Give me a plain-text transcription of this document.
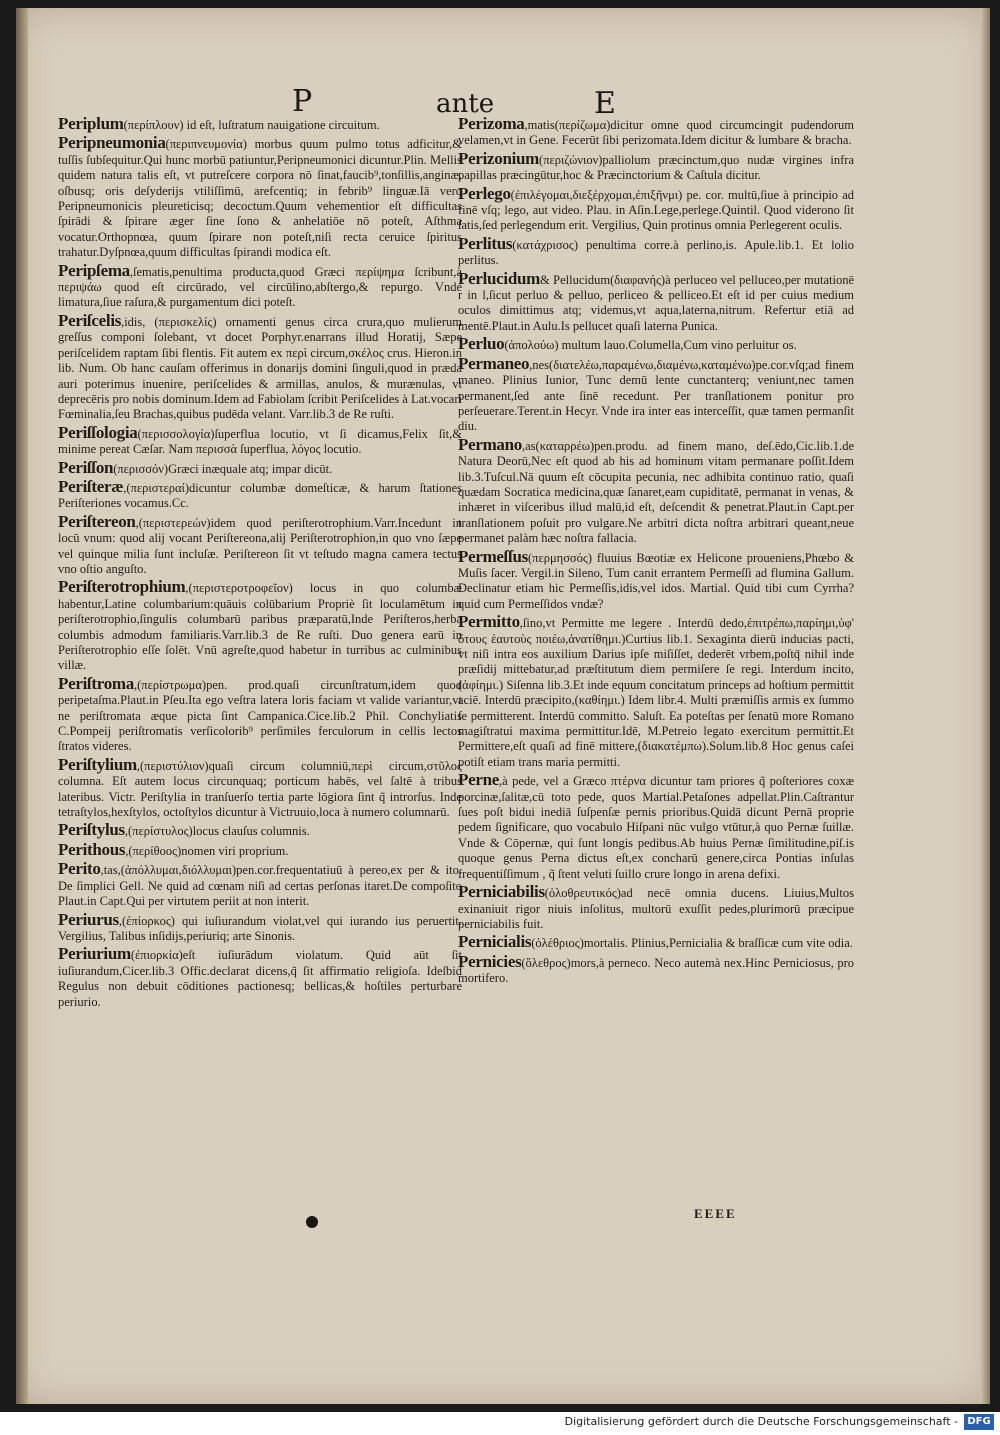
P	ante	E

Periplum(περίπλουν) id eſt, luſtratum nauigatione circuitum.

Peripneumonia(περιπνευμονία) morbus quum pulmo totus adficitur,& tuſſis ſubſequitur.Qui hunc morbū patiuntur,Peripneumonici dicuntur.Plin. Mellis quidem natura talis eſt, vt putreſcere corpora nō ſinat,faucib⁹,tonſillis,anginæ, oſbusq; oris deſyderijs vtiliſſimū, arefcentiq; in febrib⁹ linguæ.Iā vero Peripneumonicis pleureticisq; decoctum.Quum vehementior eſt difficultas ſpirādi & ſpirare æger ſine ſono & anhelatiōe nō poteſt, Aſthma vocatur.Orthopnœa, quum ſpirare non poteſt,niſi recta ceruice ſpiritus trahatur.Dyſpnœa,quum difficultas ſpirandi modica eſt.

Peripſema,ſematis,penultima producta,quod Græci περίψημα ſcribunt,à περιψάω quod eſt circūrado, vel circūlino,abſtergo,& repurgo. Vnde limatura,ſiue raſura,& purgamentum dici poteſt.

Periſcelis,idis, (περισκελίς) ornamenti genus circa crura,quo mulierum greſſus componi ſolebant, vt docet Porphyr.enarrans illud Horatij, Sæpe periſcelidem raptam ſibi flentis. Fit autem ex περὶ circum,σκέλος crus. Hieron.in lib. Num. Ob hanc cauſam offerimus in donarijs domini ſinguli,quod in præda auri poterimus inuenire, periſcelides & armillas, anulos, & murænulas, vt deprecēris pro nobis dominum.Idem ad Fabiolam ſcribit Periſcelides à Lat.vocari Fœminalia,ſeu Brachas,quibus pudēda velant. Varr.lib.3 de Re ruſti.

Periſſologia(περισσολογία)ſuperflua locutio, vt ſi dicamus,Felix ſit,& minime pereat Cæſar. Nam περισσὰ ſuperflua, λόγος locutio.

Periſſon(περισσόν)Græci inæquale atq; impar dicūt.

Periſteræ,(περιστεραί)dicuntur columbæ domeſticæ, & harum ſtationes Periſteriones vocamus.Cc.

Periſtereon,(περιστερεών)idem quod periſterotrophium.Varr.Incedunt in locū vnum: quod alij vocant Periſtereona,alij Periſterotrophion,in quo vno ſæpe vel quinque milia ſunt incluſæ. Periſtereon ſit vt teſtudo magna camera tectus vno oſtio anguſto.

Periſterotrophium,(περιστεροτροφεῖον) locus in quo columbæ habentur,Latine columbarium:quāuis colūbarium Propriè ſit loculamētum in periſterotrophio,ſingulis columbarū paribus præparatū,Inde Periſteros,herba columbis admodum familiaris.Varr.lib.3 de Re ruſti. Duo genera earū in Periſterotrophio eſſe ſolēt. Vnū agreſte,quod habetur in turribus ac culminibus villæ.

Periſtroma,(περίστρωμα)pen. prod.quaſi circunſtratum,idem quod peripetaſma.Plaut.in Pſeu.Ita ego veſtra latera loris faciam vt valide variantur,vt ne periſtromata æque picta ſint Campanica.Cice.lib.2 Phil. Conchyliatis C.Pompeij periſtromatis verſicolorib⁹ perſimiles ferculorum in cellis lectos ſtratos videres.

Periſtylium,(περιστύλιον)quaſi circum columniū,περὶ circum,στῦλος columna. Eſt autem locus circunquaq; porticum habēs, vel ſaltē à tribus lateribus. Victr. Periſtylia in tranſuerſo tertia parte lōgiora ſint q̃ introrſus. Inde tetraſtylos,hexſtylos, octoſtylos dicuntur à Victruuio,loca à numero columnarū.

Periſtylus,(περίστυλος)locus clauſus columnis.

Perithous,(περίθοος)nomen viri proprium.

Perito,tas,(ἀπόλλυμαι,διόλλυμαι)pen.cor.frequentatiuū à pereo,ex per & ito. De ſimplici Gell. Ne quid ad cœnam niſi ad certas perſonas itaret.De compoſito Plaut.in Capt.Qui per virtutem periit at non interit.

Periurus,(ἐπίορκος) qui iuſiurandum violat,vel qui iurando ius peruertit. Vergilius, Talibus inſidijs,periuriq; arte Sinonis.

Periurium(ἐπιορκία)eſt iuſiurādum violatum. Quid aūt ſit iuſiurandum,Cicer.lib.3 Offic.declarat dicens,q̃ ſit affirmatio religioſa. Ideſbid Regulus non debuit cōditiones pactionesq; bellicas,& hoſtiles perturbare periurio.

Perizoma,matis(περίζωμα)dicitur omne quod circumcingit pudendorum velamen,vt in Gene. Fecerūt ſibi perizomata.Idem dicitur & lumbare & bracha.

Perizonium(περιζώνιον)palliolum præcinctum,quo nudæ virgines infra papillas præcingūtur,hoc & Præcinctorium & Caſtula dicitur.

Perlego(ἐπιλέγομαι,διεξέρχομαι,ἐπιξῆνμι) pe. cor. multū,ſiue à principio ad finē vſq; lego, aut video. Plau. in Aſin.Lege,perlege.Quintil. Quod viderono ſit ſatis,ſed perlegendum erit. Vergilius, Quin protinus omnia Perlegerent oculis.

Perlitus(κατάχρισος) penultima corre.à perlino,is. Apule.lib.1. Et lolio perlitus.

Perlucidum& Pellucidum(διαφανής)à perluceo vel pelluceo,per mutationē r in l,ſicut perluo & pelluo, perliceo & pelliceo.Et eſt id per cuius medium oculos dimittimus atq; videmus,vt aqua,laterna,nitrum. Refertur etiā ad mentē.Plaut.in Aulu.Is pellucet quaſi laterna Punica.

Perluo(ἀπολούω) multum lauo.Columella,Cum vino perluitur os.

Permaneo,nes(διατελέω,παραμένω,διαμένω,καταμένω)pe.cor.vſq;ad finem maneo. Plinius Iunior, Tunc demū lente cunctanterq; veniunt,nec tamen permanent,ſed ante ſinē recedunt. Per tranſlationem ponitur pro perſeuerare.Terent.in Hecyr. Vnde ira inter eas interceſſit, quæ tamen permanſit diu.

Permano,as(καταρρέω)pen.produ. ad finem mano, deſ.ēdo,Cic.lib.1.de Natura Deorū,Nec eſt quod ab his ad hominum vitam permanare poſſit.Idem lib.3.Tuſcul.Nā quum eſt cōcupita pecunia, nec adhibita continuo ratio, quaſi quædam Socratica medicina,quæ ſanaret,eam cupiditatē, permanat in venas, & inhæret in viſceribus illud malū,id eſt, deſcendit & penetrat.Plaut.in Capt.per tranſlationem poſuit pro vulgare.Ne arbitri dicta noſtra arbitrari queant,neue permanet palàm hæc noſtra fallacia.

Permeſſus(περμησσός) fluuius Bœotiæ ex Helicone proueniens,Phœbo & Muſis ſacer. Vergil.in Sileno, Tum canit errantem Permeſſi ad flumina Gallum. Declinatur etiam hic Permeſſis,idis,vel idos. Martial. Quid tibi cum Cyrrha?quid cum Permeſſidos vndæ?

Permitto,ſino,vt Permitte me legere . Interdū dedo,ἐπιτρέπω,παρίημι,ὑφ' ὅτους ἑαυτοὺς ποιέω,ἀνατίθημι.)Curtius lib.1. Sexaginta dierū inducias pacti, vt niſi intra eos auxilium Darius ipſe miſiſſet, dederēt vrbem,poſtq̄ nihil inde præſidij mittebatur,ad præſtitutum diem permiſere ſe regi. Interdum incito, (ἀφίημι.) Siſenna lib.3.Et inde equum concitatum princeps ad hoſtium permittit aciē. Interdū præcipito,(καθίημι.) Idem libr.4. Multi præmiſſis armis ex ſummo ſe permitterent. Interdū committo. Saluſt. Ea poteſtas per ſenatū more Romano magiſtratui maxima permittitur.Idē, M.Petreio legato exercitum permittit.Et Permittere,eſt quaſi ad finē mittere,(διακατέμπω).Solum.lib.8 Hoc genus caſei potiſt etiam trans maria permitti.

Perne,à pede, vel a Græco πτέρνα dicuntur tam priores q̃ poſteriores coxæ porcinæ,ſalitæ,cū toto pede, quos Martial.Petaſones adpellat.Plin.Caſtrantur ſues poſt bidui inediā ſuſpenſæ pernis prioribus.Quidā dicunt Pernā proprie pedem ſignificare, quo vocabulo Hiſpani nūc vulgo vtūtur,à quo Pernæ ſuillæ. Vnde & Cōpernæ, qui ſunt longis pedibus.Ab huius Pernæ ſimilitudine,piſ.is quoque genus Perna dictus eſt,ex concharū genere,circa Pontias inſulas frequentiſſimum , q̃ ſtent veluti ſuillo crure longo in arena defixi.

Perniciabilis(ὀλοθρευτικός)ad necē omnia ducens. Liuius,Multos exinaniuit rigor niuis inſolitus, multorū exuſſit pedes,plurimorū præcipue perniciabilis fuit.

Pernicialis(ὀλέθριος)mortalis. Plinius,Pernicialia & braſſicæ cum vite odia.

Pernicies(ὄλεθρος)mors,à perneco. Neco autemà nex.Hinc Perniciosus, pro mortifero.

EEEE
Digitalisierung gefördert durch die Deutsche Forschungsgemeinschaft - DFG
